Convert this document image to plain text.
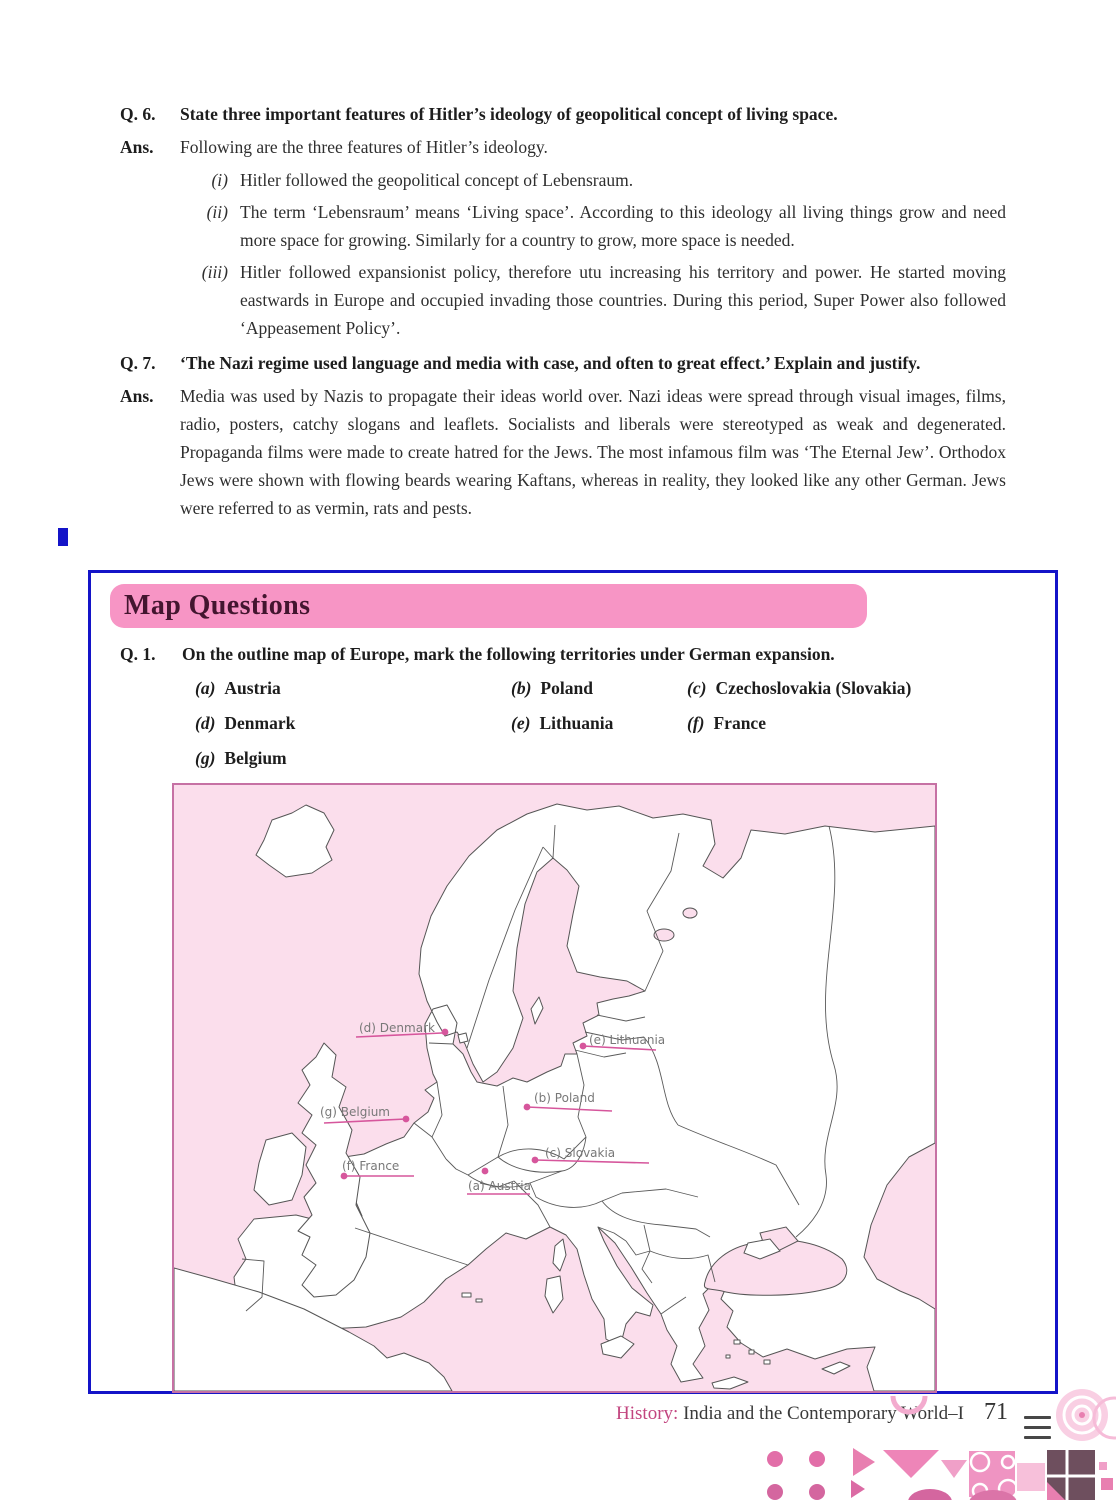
Q. 6.	State three important features of Hitler’s ideology of geopolitical concept of living space.
Ans.	Following are the three features of Hitler’s ideology.
(i) Hitler followed the geopolitical concept of Lebensraum.
(ii) The term ‘Lebensraum’ means ‘Living space’. According to this ideology all living things grow and need more space for growing. Similarly for a country to grow, more space is needed.
(iii) Hitler followed expansionist policy, therefore utu increasing his territory and power. He started moving eastwards in Europe and occupied invading those countries. During this period, Super Power also followed ‘Appeasement Policy’.
Q. 7.	‘The Nazi regime used language and media with case, and often to great effect.’ Explain and justify.
Ans.	Media was used by Nazis to propagate their ideas world over. Nazi ideas were spread through visual images, films, radio, posters, catchy slogans and leaflets. Socialists and liberals were stereotyped as weak and degenerated. Propaganda films were made to create hatred for the Jews. The most infamous film was ‘The Eternal Jew’. Orthodox Jews were shown with flowing beards wearing Kaftans, whereas in reality, they looked like any other German. Jews were referred to as vermin, rats and pests.
Map Questions
Q. 1.	On the outline map of Europe, mark the following territories under German expansion.
(a) Austria	(b) Poland	(c) Czechoslovakia (Slovakia)
(d) Denmark	(e) Lithuania	(f) France
(g) Belgium
(d) Denmark
(e) Lithuania
(b) Poland
(g) Belgium
(f) France
(a) Austria
(c) Slovakia
History: India and the Contemporary World–I 71
